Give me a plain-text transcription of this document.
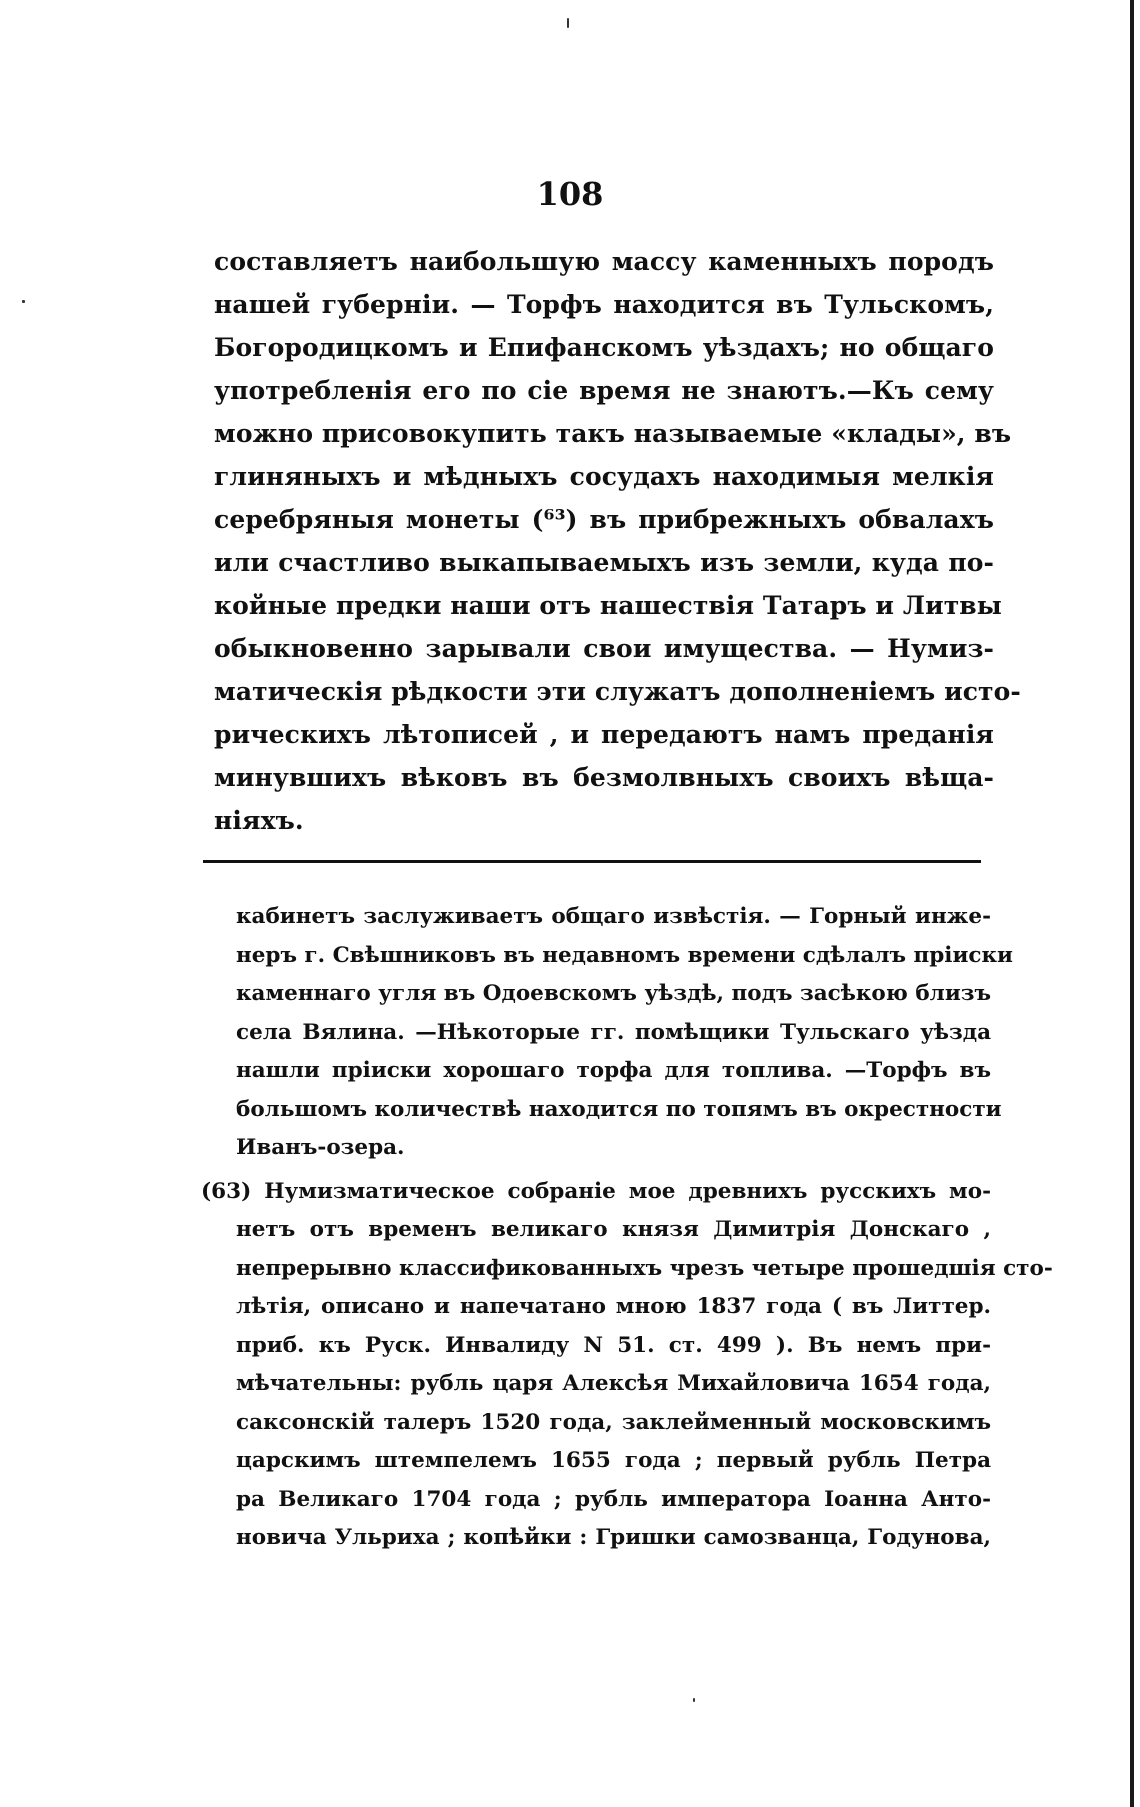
108
составляетъ наибольшую массу каменныхъ породъ
нашей губерніи. — Торфъ находится въ Тульскомъ,
Богородицкомъ и Епифанскомъ уѣздахъ; но общаго
употребленія его по сіе время не знаютъ.—Къ сему
можно присовокупить такъ называемые «клады», въ
глиняныхъ и мѣдныхъ сосудахъ находимыя мелкія
серебряныя монеты (⁶³) въ прибрежныхъ обвалахъ
или счастливо выкапываемыхъ изъ земли, куда по-
койные предки наши отъ нашествія Татаръ и Литвы
обыкновенно зарывали свои имущества. — Нумиз-
матическія рѣдкости эти служатъ дополненіемъ исто-
рическихъ лѣтописей , и передаютъ намъ преданія
минувшихъ вѣковъ въ безмолвныхъ своихъ вѣща-
ніяхъ.
кабинетъ заслуживаетъ общаго извѣстія. — Горный инже-
неръ г. Свѣшниковъ въ недавномъ времени сдѣлалъ пріиски
каменнаго угля въ Одоевскомъ уѣздѣ, подъ засѣкою близъ
села Вялина. —Нѣкоторые гг. помѣщики Тульскаго уѣзда
нашли пріиски хорошаго торфа для топлива. —Торфъ въ
большомъ количествѣ находится по топямъ въ окрестности
Иванъ-озера.
(63) Нумизматическое собраніе мое древнихъ русскихъ мо-
нетъ отъ временъ великаго князя Димитрія Донскаго ,
непрерывно классификованныхъ чрезъ четыре прошедшія сто-
лѣтія, описано и напечатано мною 1837 года ( въ Литтер.
приб. къ Руск. Инвалиду N 51. ст. 499 ). Въ немъ при-
мѣчательны: рубль царя Алексѣя Михайловича 1654 года,
саксонскій талеръ 1520 года, заклейменный московскимъ
царскимъ штемпелемъ 1655 года ; первый рубль Петра
ра Великаго 1704 года ; рубль императора Іоанна Анто-
новича Ульриха ; копѣйки : Гришки самозванца, Годунова,
